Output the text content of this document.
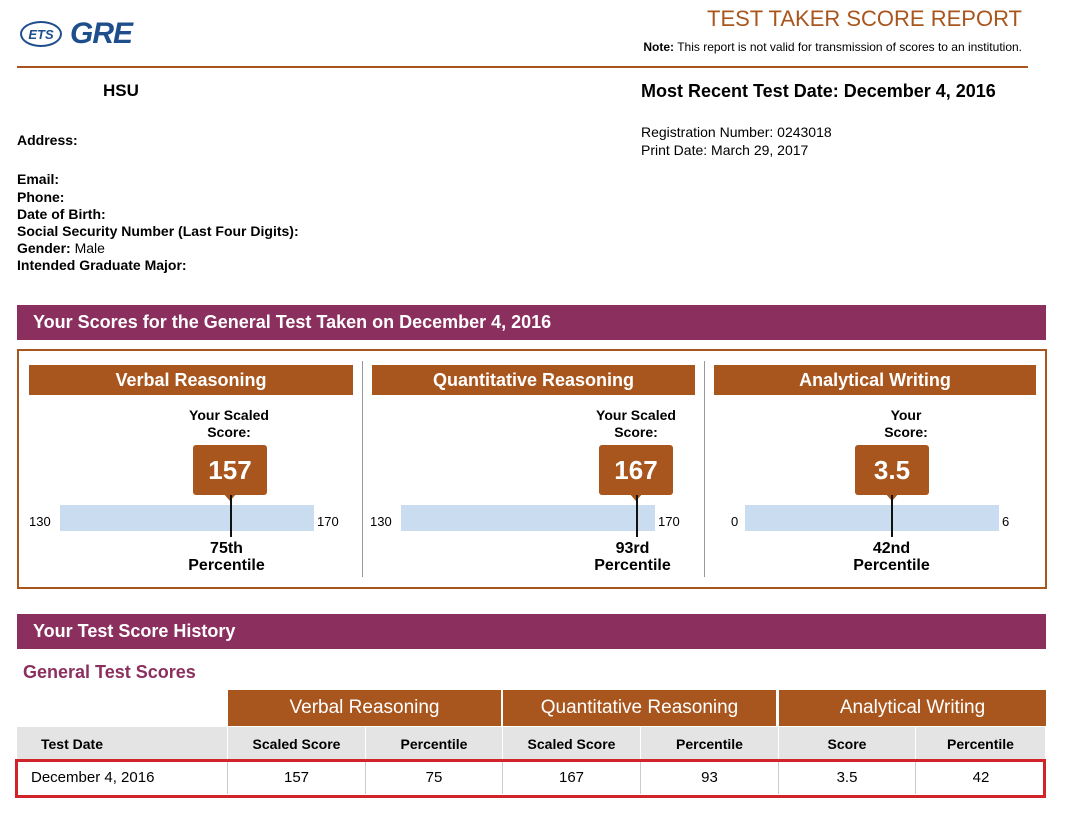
ETS GRE	TEST TAKER SCORE REPORT
Note: This report is not valid for transmission of scores to an institution.
HSU	Most Recent Test Date: December 4, 2016
Registration Number: 0243018
Print Date: March 29, 2017
Address:
Email:
Phone:
Date of Birth:
Social Security Number (Last Four Digits):
Gender: Male
Intended Graduate Major:
Your Scores for the General Test Taken on December 4, 2016
Verbal Reasoning
Your Scaled
Score:
157
130	170
75th
Percentile
Quantitative Reasoning
Your Scaled
Score:
167
130	170
93rd
Percentile
Analytical Writing
Your
Score:
3.5
0	6
42nd
Percentile
Your Test Score History
General Test Scores
Verbal Reasoning	Quantitative Reasoning	Analytical Writing
Test Date	Scaled Score	Percentile	Scaled Score	Percentile	Score	Percentile
December 4, 2016	157	75	167	93	3.5	42
